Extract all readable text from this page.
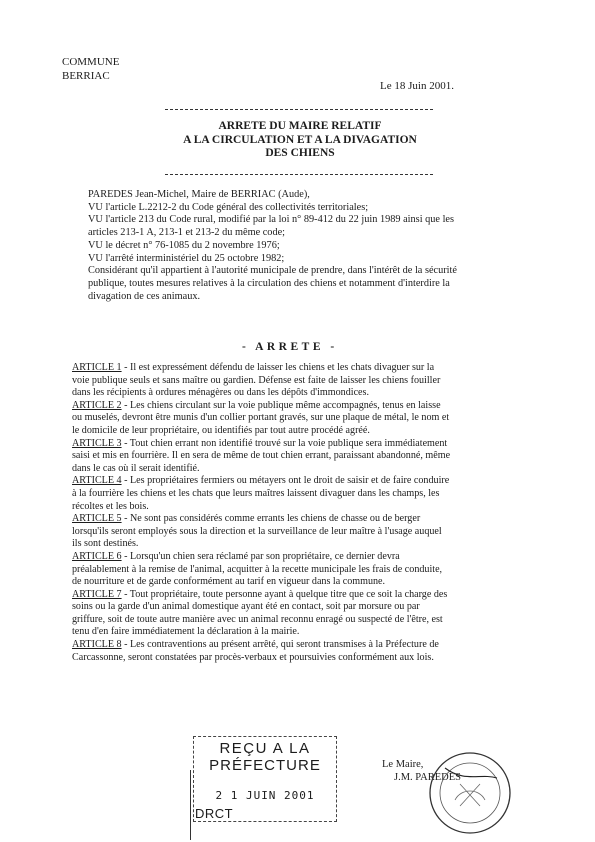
COMMUNE
BERRIAC
Le 18 Juin 2001.
ARRETE DU MAIRE RELATIF
A LA CIRCULATION ET A LA DIVAGATION
DES CHIENS
PAREDES Jean-Michel, Maire de BERRIAC (Aude),
VU l'article L.2212-2 du Code général des collectivités territoriales;
VU l'article 213 du Code rural, modifié par la loi n° 89-412 du 22 juin 1989 ainsi que les
articles 213-1 A, 213-1 et 213-2 du même code;
VU le décret n° 76-1085 du 2 novembre 1976;
VU l'arrêté interministériel du 25 octobre 1982;
Considérant qu'il appartient à l'autorité municipale de prendre, dans l'intérêt de la sécurité
publique, toutes mesures relatives à la circulation des chiens et notamment d'interdire la
divagation de ces animaux.
- ARRETE -
ARTICLE 1 - Il est expressément défendu de laisser les chiens et les chats divaguer sur la
voie publique seuls et sans maître ou gardien. Défense est faite de laisser les chiens fouiller
dans les récipients à ordures ménagères ou dans les dépôts d'immondices.
ARTICLE 2 - Les chiens circulant sur la voie publique même accompagnés, tenus en laisse
ou muselés, devront être munis d'un collier portant gravés, sur une plaque de métal, le nom et
le domicile de leur propriétaire, ou identifiés par tout autre procédé agréé.
ARTICLE 3 - Tout chien errant non identifié trouvé sur la voie publique sera immédiatement
saisi et mis en fourrière. Il en sera de même de tout chien errant, paraissant abandonné, même
dans le cas où il serait identifié.
ARTICLE 4 - Les propriétaires fermiers ou métayers ont le droit de saisir et de faire conduire
à la fourrière les chiens et les chats que leurs maîtres laissent divaguer dans les champs, les
récoltes et les bois.
ARTICLE 5 - Ne sont pas considérés comme errants les chiens de chasse ou de berger
lorsqu'ils seront employés sous la direction et la surveillance de leur maître à l'usage auquel
ils sont destinés.
ARTICLE 6 - Lorsqu'un chien sera réclamé par son propriétaire, ce dernier devra
préalablement à la remise de l'animal, acquitter à la recette municipale les frais de conduite,
de nourriture et de garde conformément au tarif en vigueur dans la commune.
ARTICLE 7 - Tout propriétaire, toute personne ayant à quelque titre que ce soit la charge des
soins ou la garde d'un animal domestique ayant été en contact, soit par morsure ou par
griffure, soit de toute autre manière avec un animal reconnu enragé ou suspecté de l'être, est
tenu d'en faire immédiatement la déclaration à la mairie.
ARTICLE 8 - Les contraventions au présent arrêté, qui seront transmises à la Préfecture de
Carcassonne, seront constatées par procès-verbaux et poursuivies conformément aux lois.
REÇU A LA
PRÉFECTURE
2 1 JUIN 2001
DRCT
Le Maire,
J.M. PAREDES
